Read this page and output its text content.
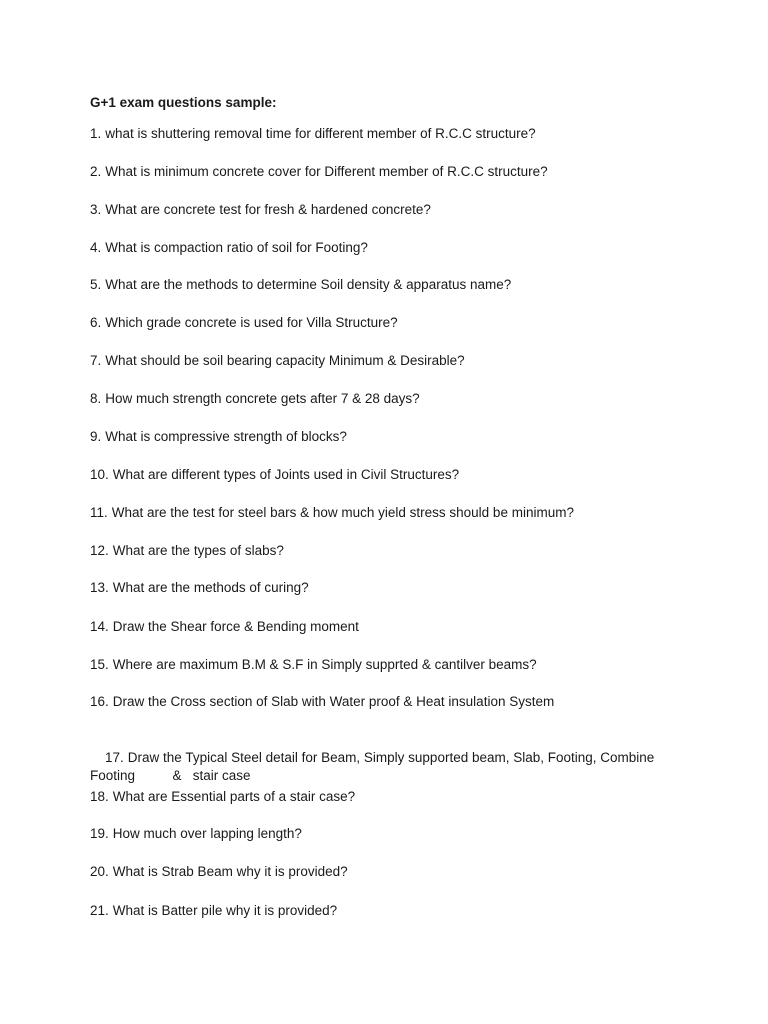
G+1 exam questions sample:
1. what is shuttering removal time for different member of R.C.C structure?
2. What is minimum concrete cover for Different member of R.C.C structure?
3. What are concrete test for fresh & hardened concrete?
4. What is compaction ratio of soil for Footing?
5. What are the methods to determine Soil density & apparatus name?
6. Which grade concrete is used for Villa Structure?
7. What should be soil bearing capacity Minimum & Desirable?
8. How much strength concrete gets after 7 & 28 days?
9. What is compressive strength of blocks?
10. What are different types of Joints used in Civil Structures?
11. What are the test for steel bars & how much yield stress should be minimum?
12. What are the types of slabs?
13. What are the methods of curing?
14. Draw the Shear force & Bending moment
15. Where are maximum B.M & S.F in Simply supprted & cantilver beams?
16. Draw the Cross section of Slab with Water proof & Heat insulation System

17. Draw the Typical Steel detail for Beam, Simply supported beam, Slab, Footing, Combine Footing          &   stair case

18. What are Essential parts of a stair case?
19. How much over lapping length?
20. What is Strab Beam why it is provided?
21. What is Batter pile why it is provided?
